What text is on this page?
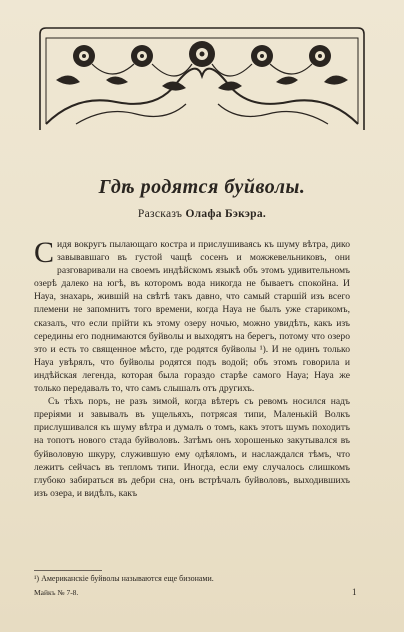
Гдѣ родятся буйволы.
Разсказъ Олафа Бэкэра.

Сидя вокругъ пылающаго костра и прислушиваясь къ шуму вѣтра, дико завывавшаго въ густой чащѣ сосенъ и можжевельниковъ, они разговаривали на своемъ индѣйскомъ языкѣ объ этомъ удивительномъ озерѣ далеко на югѣ, въ которомъ вода никогда не бываетъ спокойна. И Науа, знахарь, жившій на свѣтѣ такъ давно, что самый старшій изъ всего племени не запомнитъ того времени, когда Науа не былъ уже старикомъ, сказалъ, что если прійти къ этому озеру ночью, можно увидѣть, какъ изъ середины его поднимаются буйволы и выходятъ на берегъ, потому что озеро это и есть то священное мѣсто, где родятся буйволы ¹). И не одинъ только Науа увѣрялъ, что буйволы родятся подъ водой; объ этомъ говорила и индѣйская легенда, которая была гораздо старѣе самого Науа; Науа же только передавалъ то, что самъ слышалъ отъ другихъ.

Съ тѣхъ поръ, не разъ зимой, когда вѣтеръ съ ревомъ носился надъ преріями и завывалъ въ ущельяхъ, потрясая типи, Маленькій Волкъ прислушивался къ шуму вѣтра и думалъ о томъ, какъ этотъ шумъ походитъ на топотъ нового стада буйволовъ. Затѣмъ онъ хорошенько закутывался въ буйволовую шкуру, служившую ему одѣяломъ, и наслаждался тѣмъ, что лежитъ сейчасъ въ тепломъ типи. Иногда, если ему случалось слишкомъ глубоко забираться въ дебри сна, онъ встрѣчалъ буйволовъ, выходившихъ изъ озера, и видѣлъ, какъ

¹) Американскіе буйволы называются еще бизонами.
Майкъ № 7-8.	1
